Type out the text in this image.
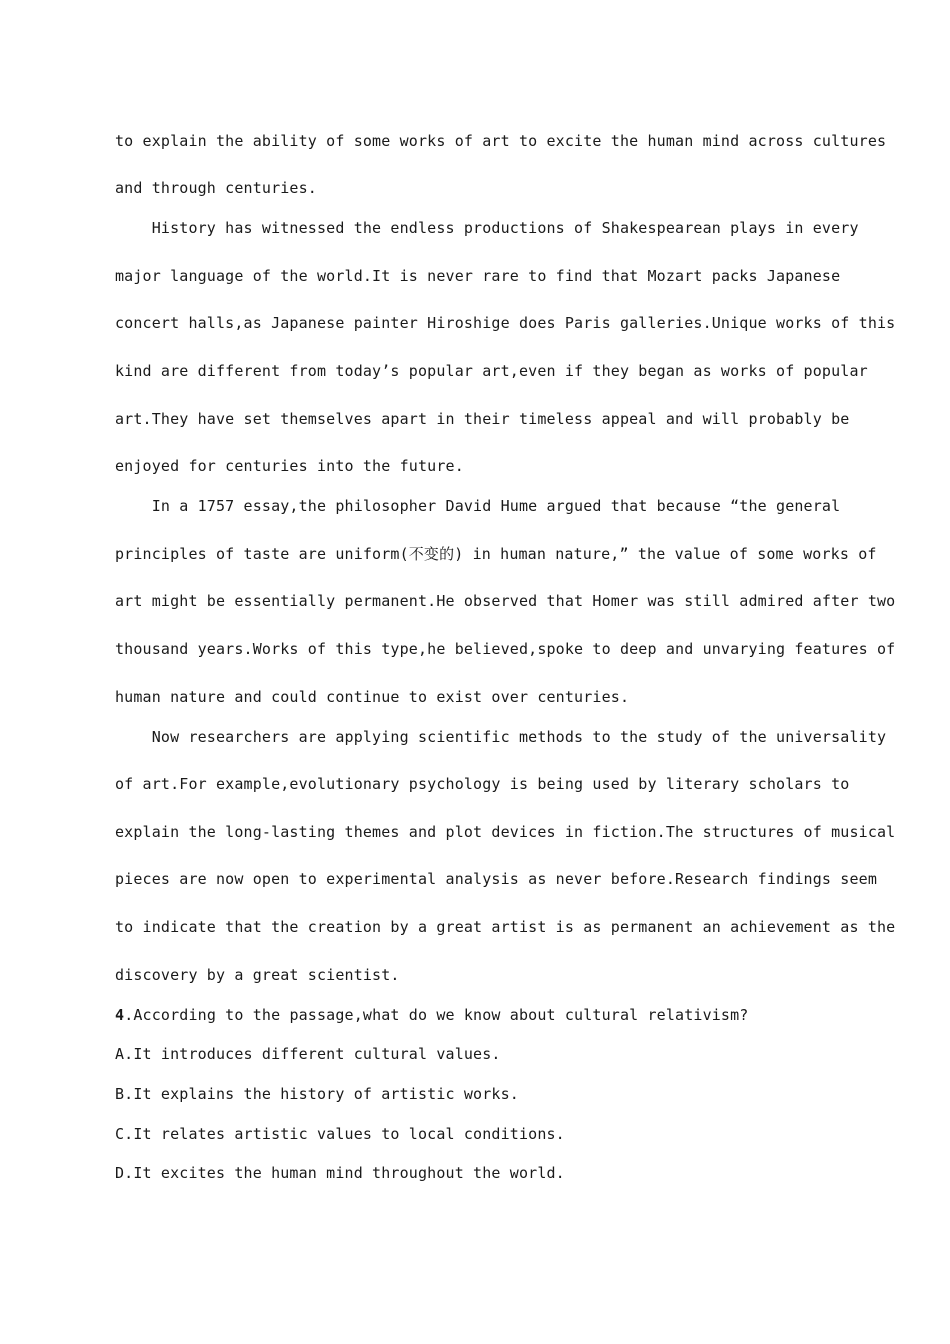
to explain the ability of some works of art to excite the human mind across cultures
and through centuries.
History has witnessed the endless productions of Shakespearean plays in every
major language of the world.It is never rare to find that Mozart packs Japanese
concert halls,as Japanese painter Hiroshige does Paris galleries.Unique works of this
kind are different from today’s popular art,even if they began as works of popular
art.They have set themselves apart in their timeless appeal and will probably be
enjoyed for centuries into the future.
In a 1757 essay,the philosopher David Hume argued that because “the general
principles of taste are uniform(不变的) in human nature,” the value of some works of
art might be essentially permanent.He observed that Homer was still admired after two
thousand years.Works of this type,he believed,spoke to deep and unvarying features of
human nature and could continue to exist over centuries.
Now researchers are applying scientific methods to the study of the universality
of art.For example,evolutionary psychology is being used by literary scholars to
explain the long-lasting themes and plot devices in fiction.The structures of musical
pieces are now open to experimental analysis as never before.Research findings seem
to indicate that the creation by a great artist is as permanent an achievement as the
discovery by a great scientist.
4.According to the passage,what do we know about cultural relativism?
A.It introduces different cultural values.
B.It explains the history of artistic works.
C.It relates artistic values to local conditions.
D.It excites the human mind throughout the world.
